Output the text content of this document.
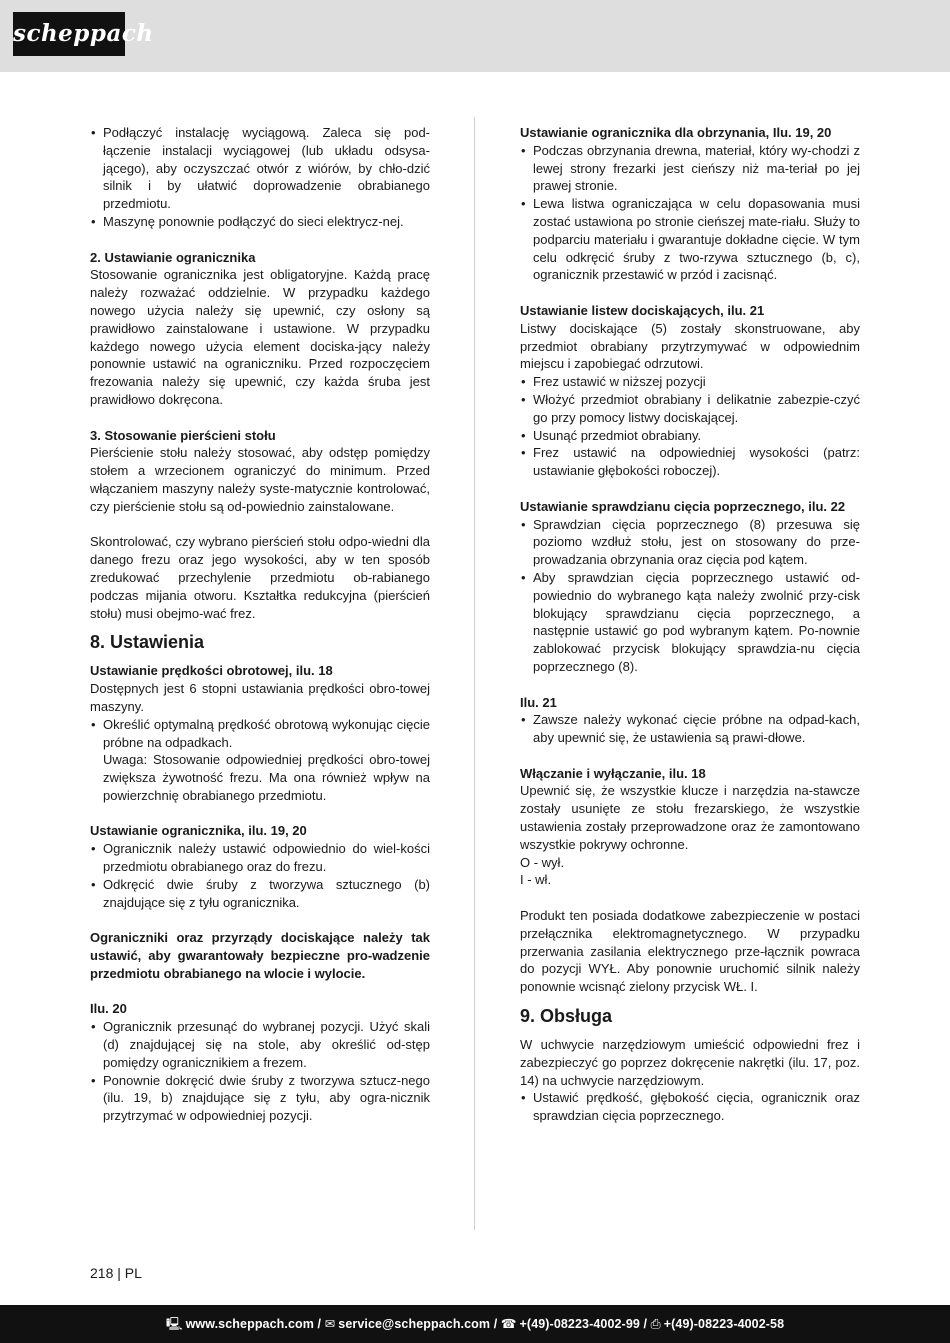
scheppach
• Podłączyć instalację wyciągową. Zaleca się pod-łączenie instalacji wyciągowej (lub układu odsysa-jącego), aby oczyszczać otwór z wiórów, by chło-dzić silnik i by ułatwić doprowadzenie obrabianego przedmiotu.
• Maszynę ponownie podłączyć do sieci elektrycz-nej.

2. Ustawianie ogranicznika

Stosowanie ogranicznika jest obligatoryjne. Każdą pracę należy rozważać oddzielnie. W przypadku każdego nowego użycia należy się upewnić, czy osłony są prawidłowo zainstalowane i ustawione. W przypadku każdego nowego użycia element dociska-jący należy ponownie ustawić na ograniczniku. Przed rozpoczęciem frezowania należy się upewnić, czy każda śruba jest prawidłowo dokręcona.

3. Stosowanie pierścieni stołu

Pierścienie stołu należy stosować, aby odstęp pomiędzy stołem a wrzecionem ograniczyć do minimum. Przed włączaniem maszyny należy syste-matycznie kontrolować, czy pierścienie stołu są od-powiednio zainstalowane.

Skontrolować, czy wybrano pierścień stołu odpo-wiedni dla danego frezu oraz jego wysokości, aby w ten sposób zredukować przechylenie przedmiotu ob-rabianego podczas mijania otworu. Kształtka redukcyjna (pierścień stołu) musi obejmo-wać frez.

8. Ustawienia

Ustawianie prędkości obrotowej, ilu. 18

Dostępnych jest 6 stopni ustawiania prędkości obro-towej maszyny.

• Określić optymalną prędkość obrotową wykonując cięcie próbne na odpadkach.
Uwaga: Stosowanie odpowiedniej prędkości obro-towej zwiększa żywotność frezu. Ma ona również wpływ na powierzchnię obrabianego przedmiotu.

Ustawianie ogranicznika, ilu. 19, 20

• Ogranicznik należy ustawić odpowiednio do wiel-kości przedmiotu obrabianego oraz do frezu.
• Odkręcić dwie śruby z tworzywa sztucznego (b) znajdujące się z tyłu ogranicznika.

Ograniczniki oraz przyrządy dociskające należy tak ustawić, aby gwarantowały bezpieczne pro-wadzenie przedmiotu obrabianego na wlocie i wylocie.

Ilu. 20

• Ogranicznik przesunąć do wybranej pozycji. Użyć skali (d) znajdującej się na stole, aby określić od-stęp pomiędzy ogranicznikiem a frezem.
• Ponownie dokręcić dwie śruby z tworzywa sztucz-nego (ilu. 19, b) znajdujące się z tyłu, aby ogra-nicznik przytrzymać w odpowiedniej pozycji.

Ustawianie ogranicznika dla obrzynania, Ilu. 19, 20

• Podczas obrzynania drewna, materiał, który wy-chodzi z lewej strony frezarki jest cieńszy niż ma-teriał po jej prawej stronie.
• Lewa listwa ograniczająca w celu dopasowania musi zostać ustawiona po stronie cieńszej mate-riału. Służy to podparciu materiału i gwarantuje dokładne cięcie. W tym celu odkręcić śruby z two-rzywa sztucznego (b, c), ogranicznik przestawić w przód i zacisnąć.

Ustawianie listew dociskających, ilu. 21

Listwy dociskające (5) zostały skonstruowane, aby przedmiot obrabiany przytrzymywać w odpowiednim miejscu i zapobiegać odrzutowi.

• Frez ustawić w niższej pozycji
• Włożyć przedmiot obrabiany i delikatnie zabezpie-czyć go przy pomocy listwy dociskającej.
• Usunąć przedmiot obrabiany.
• Frez ustawić na odpowiedniej wysokości (patrz: ustawianie głębokości roboczej).

Ustawianie sprawdzianu cięcia poprzecznego, ilu. 22

• Sprawdzian cięcia poprzecznego (8) przesuwa się poziomo wzdłuż stołu, jest on stosowany do prze-prowadzania obrzynania oraz cięcia pod kątem.
• Aby sprawdzian cięcia poprzecznego ustawić od-powiednio do wybranego kąta należy zwolnić przy-cisk blokujący sprawdzianu cięcia poprzecznego, a następnie ustawić go pod wybranym kątem. Po-nownie zablokować przycisk blokujący sprawdzia-nu cięcia poprzecznego (8).

Ilu. 21

• Zawsze należy wykonać cięcie próbne na odpad-kach, aby upewnić się, że ustawienia są prawi-dłowe.

Włączanie i wyłączanie, ilu. 18

Upewnić się, że wszystkie klucze i narzędzia na-stawcze zostały usunięte ze stołu frezarskiego, że wszystkie ustawienia zostały przeprowadzone oraz że zamontowano wszystkie pokrywy ochronne.

O - wył.

I - wł.

Produkt ten posiada dodatkowe zabezpieczenie w postaci przełącznika elektromagnetycznego. W przypadku przerwania zasilania elektrycznego prze-łącznik powraca do pozycji WYŁ. Aby ponownie uruchomić silnik należy ponownie wcisnąć zielony przycisk WŁ. I.

9. Obsługa

W uchwycie narzędziowym umieścić odpowiedni frez i zabezpieczyć go poprzez dokręcenie nakrętki (ilu. 17, poz. 14) na uchwycie narzędziowym.

• Ustawić prędkość, głębokość cięcia, ogranicznik oraz sprawdzian cięcia poprzecznego.
218 | PL
🖳 www.scheppach.com / ✉ service@scheppach.com / ☎ +(49)-08223-4002-99 / ⎙ +(49)-08223-4002-58
